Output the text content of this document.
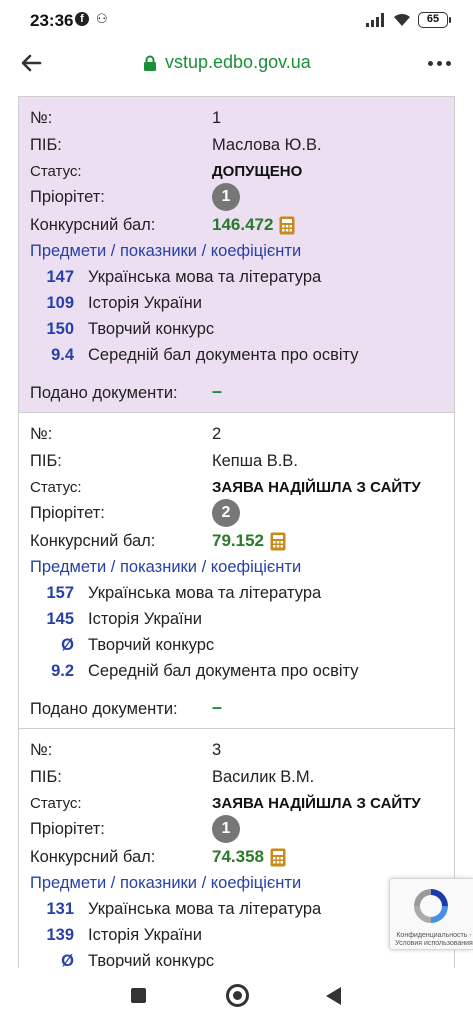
23:36 f ⚇	65
vstup.edbo.gov.ua
№:	1
ПІБ:	Маслова Ю.В.
Статус:	ДОПУЩЕНО
Пріорітет:	1
Конкурсний бал:	146.472
Предмети / показники / коефіцієнти
147 Українська мова та література
109 Історія України
150 Творчий конкурс
9.4 Середній бал документа про освіту
Подано документи: –
№:	2
ПІБ:	Кепша В.В.
Статус:	ЗАЯВА НАДІЙШЛА З САЙТУ
Пріорітет:	2
Конкурсний бал:	79.152
Предмети / показники / коефіцієнти
157 Українська мова та література
145 Історія України
Ø Творчий конкурс
9.2 Середній бал документа про освіту
Подано документи: –
№:	3
ПІБ:	Василик В.М.
Статус:	ЗАЯВА НАДІЙШЛА З САЙТУ
Пріорітет:	1
Конкурсний бал:	74.358
Предмети / показники / коефіцієнти
131 Українська мова та література
139 Історія України
Ø Творчий конкурс
Конфиденциальность - Условия использования
